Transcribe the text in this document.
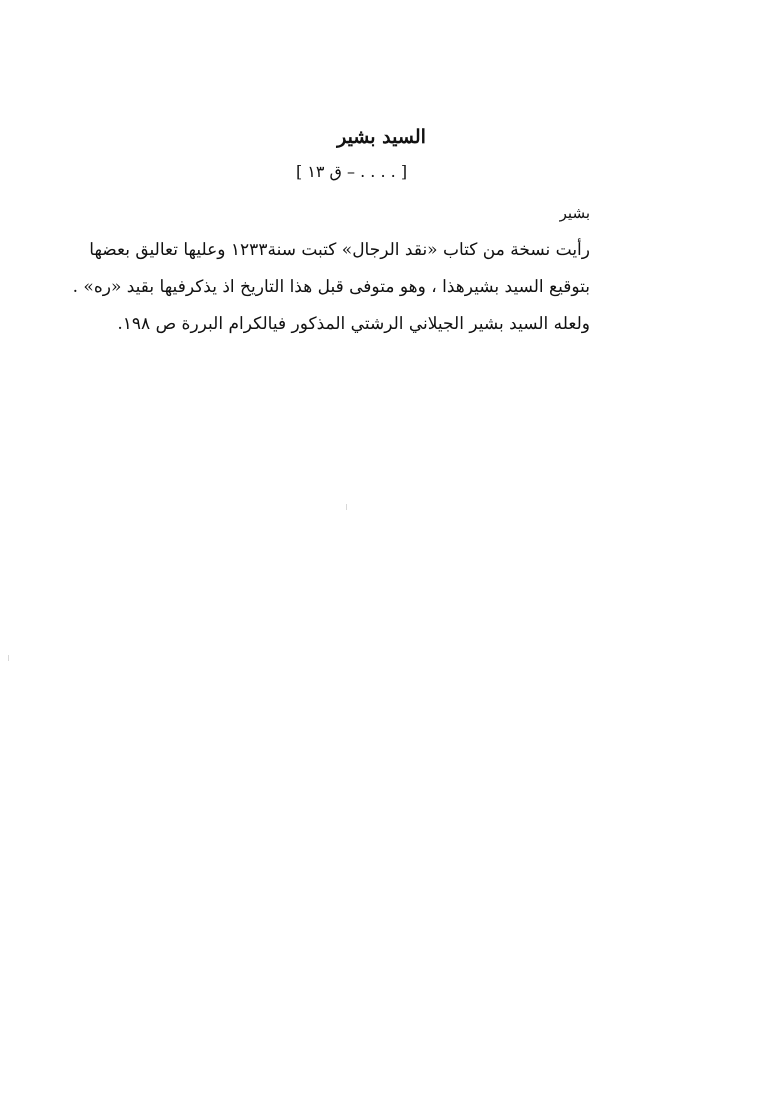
السيد بشير
[ . . . . – ق ١٣ ]
بشير
رأيت نسخة من كتاب «نقد الرجال» كتبت سنة١٢٣٣ وعليها تعاليق بعضها
بتوقيع السيد بشيرهذا ، وهو متوفى قبل هذا التاريخ اذ يذكرفيها بقيد «ره» .
ولعله السيد بشير الجيلاني الرشتي المذكور فيالكرام البررة ص ١٩٨.
